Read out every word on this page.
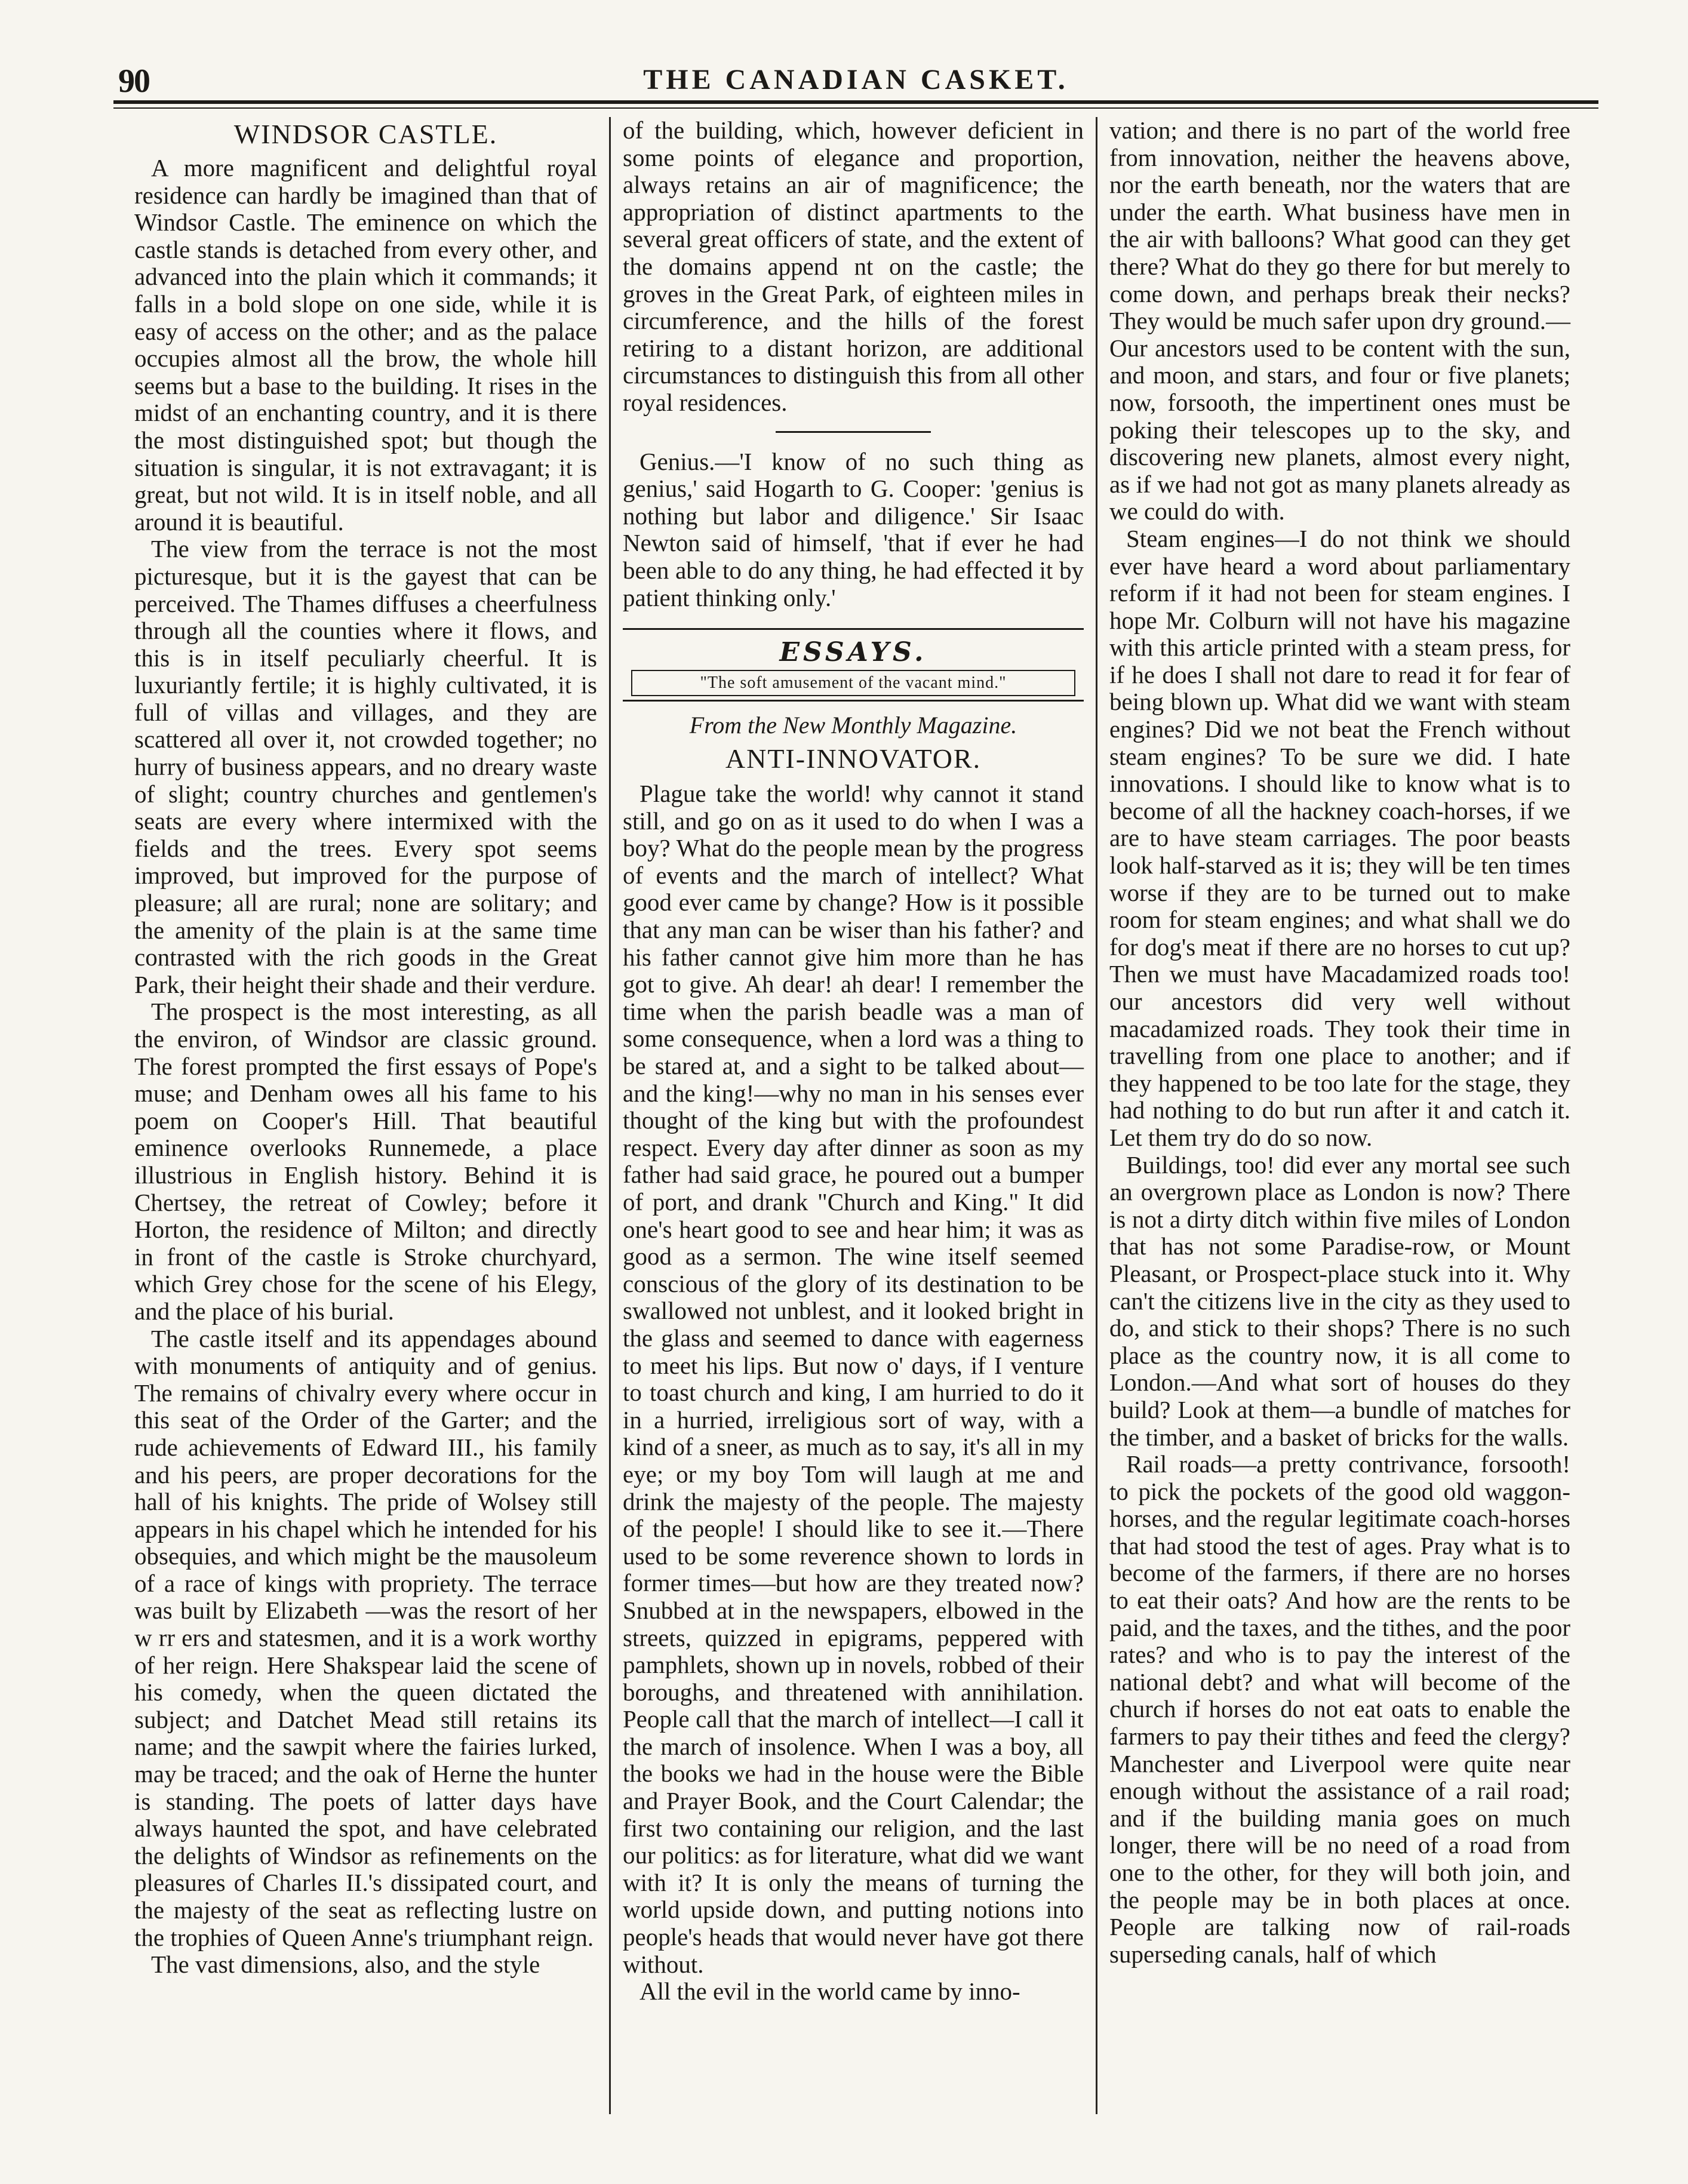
90	THE CANADIAN CASKET.
WINDSOR CASTLE.

A more magnificent and delightful royal residence can hardly be imagined than that of Windsor Castle. The eminence on which the castle stands is detached from every other, and advanced into the plain which it commands; it falls in a bold slope on one side, while it is easy of access on the other; and as the palace occupies almost all the brow, the whole hill seems but a base to the building. It rises in the midst of an enchanting country, and it is there the most distinguished spot; but though the situation is singular, it is not extravagant; it is great, but not wild. It is in itself noble, and all around it is beautiful.

The view from the terrace is not the most picturesque, but it is the gayest that can be perceived. The Thames diffuses a cheerfulness through all the counties where it flows, and this is in itself peculiarly cheerful. It is luxuriantly fertile; it is highly cultivated, it is full of villas and villages, and they are scattered all over it, not crowded together; no hurry of business appears, and no dreary waste of slight; country churches and gentlemen's seats are every where intermixed with the fields and the trees. Every spot seems improved, but improved for the purpose of pleasure; all are rural; none are solitary; and the amenity of the plain is at the same time contrasted with the rich goods in the Great Park, their height their shade and their verdure.

The prospect is the most interesting, as all the environ, of Windsor are classic ground. The forest prompted the first essays of Pope's muse; and Denham owes all his fame to his poem on Cooper's Hill. That beautiful eminence overlooks Runnemede, a place illustrious in English history. Behind it is Chertsey, the retreat of Cowley; before it Horton, the residence of Milton; and directly in front of the castle is Stroke churchyard, which Grey chose for the scene of his Elegy, and the place of his burial.

The castle itself and its appendages abound with monuments of antiquity and of genius. The remains of chivalry every where occur in this seat of the Order of the Garter; and the rude achievements of Edward III., his family and his peers, are proper decorations for the hall of his knights. The pride of Wolsey still appears in his chapel which he intended for his obsequies, and which might be the mausoleum of a race of kings with propriety. The terrace was built by Elizabeth —was the resort of her w rr ers and statesmen, and it is a work worthy of her reign. Here Shakspear laid the scene of his comedy, when the queen dictated the subject; and Datchet Mead still retains its name; and the sawpit where the fairies lurked, may be traced; and the oak of Herne the hunter is standing. The poets of latter days have always haunted the spot, and have celebrated the delights of Windsor as refinements on the pleasures of Charles II.'s dissipated court, and the majesty of the seat as reflecting lustre on the trophies of Queen Anne's triumphant reign.

The vast dimensions, also, and the style

of the building, which, however deficient in some points of elegance and proportion, always retains an air of magnificence; the appropriation of distinct apartments to the several great officers of state, and the extent of the domains append nt on the castle; the groves in the Great Park, of eighteen miles in circumference, and the hills of the forest retiring to a distant horizon, are additional circumstances to distinguish this from all other royal residences.

Genius.—'I know of no such thing as genius,' said Hogarth to G. Cooper: 'genius is nothing but labor and diligence.' Sir Isaac Newton said of himself, 'that if ever he had been able to do any thing, he had effected it by patient thinking only.'

ESSAYS.
"The soft amusement of the vacant mind."
From the New Monthly Magazine.
ANTI-INNOVATOR.

Plague take the world! why cannot it stand still, and go on as it used to do when I was a boy? What do the people mean by the progress of events and the march of intellect? What good ever came by change? How is it possible that any man can be wiser than his father? and his father cannot give him more than he has got to give. Ah dear! ah dear! I remember the time when the parish beadle was a man of some consequence, when a lord was a thing to be stared at, and a sight to be talked about—and the king!—why no man in his senses ever thought of the king but with the profoundest respect. Every day after dinner as soon as my father had said grace, he poured out a bumper of port, and drank "Church and King." It did one's heart good to see and hear him; it was as good as a sermon. The wine itself seemed conscious of the glory of its destination to be swallowed not unblest, and it looked bright in the glass and seemed to dance with eagerness to meet his lips. But now o' days, if I venture to toast church and king, I am hurried to do it in a hurried, irreligious sort of way, with a kind of a sneer, as much as to say, it's all in my eye; or my boy Tom will laugh at me and drink the majesty of the people. The majesty of the people! I should like to see it.—There used to be some reverence shown to lords in former times—but how are they treated now? Snubbed at in the newspapers, elbowed in the streets, quizzed in epigrams, peppered with pamphlets, shown up in novels, robbed of their boroughs, and threatened with annihilation. People call that the march of intellect—I call it the march of insolence. When I was a boy, all the books we had in the house were the Bible and Prayer Book, and the Court Calendar; the first two containing our religion, and the last our politics: as for literature, what did we want with it? It is only the means of turning the world upside down, and putting notions into people's heads that would never have got there without.

All the evil in the world came by inno-

vation; and there is no part of the world free from innovation, neither the heavens above, nor the earth beneath, nor the waters that are under the earth. What business have men in the air with balloons? What good can they get there? What do they go there for but merely to come down, and perhaps break their necks? They would be much safer upon dry ground.—Our ancestors used to be content with the sun, and moon, and stars, and four or five planets; now, forsooth, the impertinent ones must be poking their telescopes up to the sky, and discovering new planets, almost every night, as if we had not got as many planets already as we could do with.

Steam engines—I do not think we should ever have heard a word about parliamentary reform if it had not been for steam engines. I hope Mr. Colburn will not have his magazine with this article printed with a steam press, for if he does I shall not dare to read it for fear of being blown up. What did we want with steam engines? Did we not beat the French without steam engines? To be sure we did. I hate innovations. I should like to know what is to become of all the hackney coach-horses, if we are to have steam carriages. The poor beasts look half-starved as it is; they will be ten times worse if they are to be turned out to make room for steam engines; and what shall we do for dog's meat if there are no horses to cut up? Then we must have Macadamized roads too! our ancestors did very well without macadamized roads. They took their time in travelling from one place to another; and if they happened to be too late for the stage, they had nothing to do but run after it and catch it. Let them try do do so now.

Buildings, too! did ever any mortal see such an overgrown place as London is now? There is not a dirty ditch within five miles of London that has not some Paradise-row, or Mount Pleasant, or Prospect-place stuck into it. Why can't the citizens live in the city as they used to do, and stick to their shops? There is no such place as the country now, it is all come to London.—And what sort of houses do they build? Look at them—a bundle of matches for the timber, and a basket of bricks for the walls.

Rail roads—a pretty contrivance, forsooth! to pick the pockets of the good old waggon-horses, and the regular legitimate coach-horses that had stood the test of ages. Pray what is to become of the farmers, if there are no horses to eat their oats? And how are the rents to be paid, and the taxes, and the tithes, and the poor rates? and who is to pay the interest of the national debt? and what will become of the church if horses do not eat oats to enable the farmers to pay their tithes and feed the clergy? Manchester and Liverpool were quite near enough without the assistance of a rail road; and if the building mania goes on much longer, there will be no need of a road from one to the other, for they will both join, and the people may be in both places at once. People are talking now of rail-roads superseding canals, half of which
